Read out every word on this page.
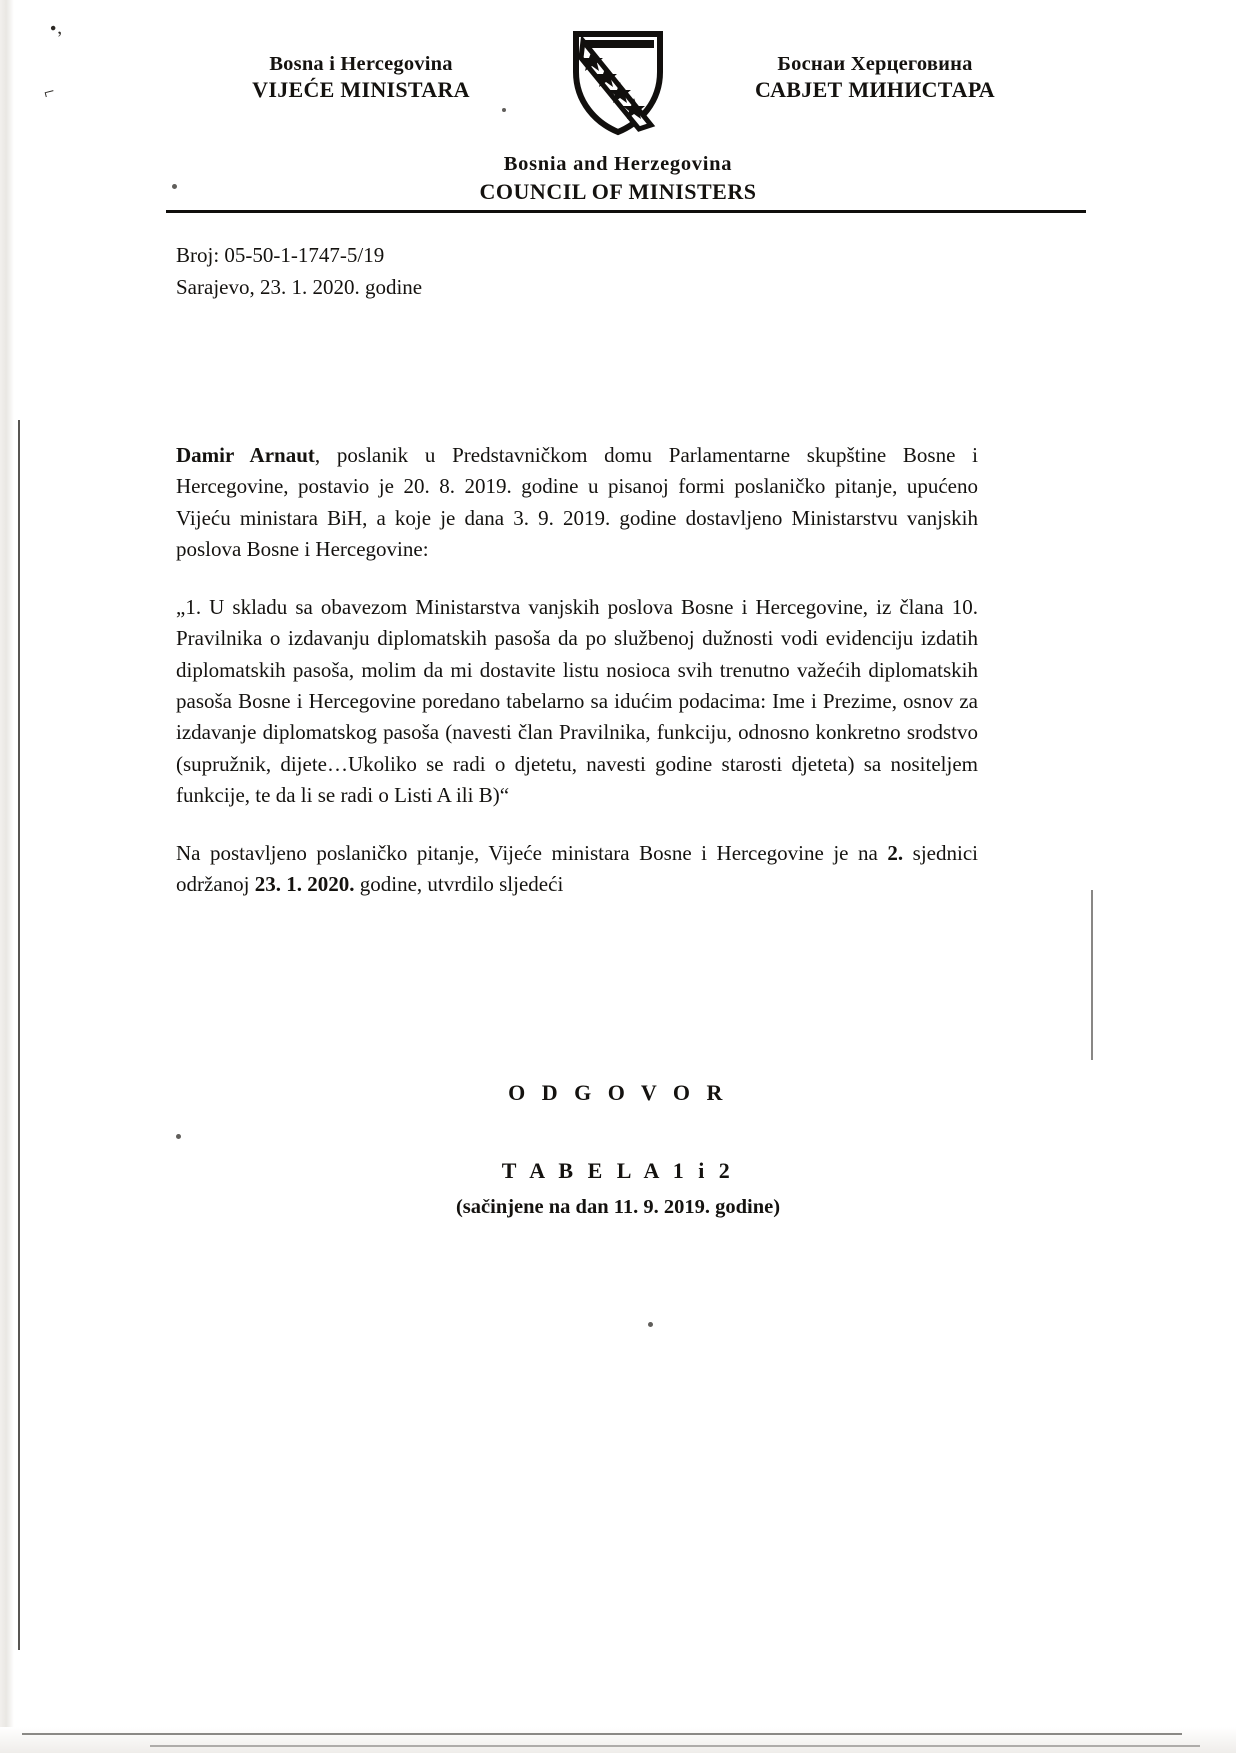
•,
⌐
Bosna i Hercegovina
VIJEĆE MINISTARA
Боснаи Херцеговина
САВЈЕТ МИНИСТАРА
Bosnia and Herzegovina
COUNCIL OF MINISTERS
Broj: 05-50-1-1747-5/19
Sarajevo, 23. 1. 2020. godine

Damir Arnaut, poslanik u Predstavničkom domu Parlamentarne skupštine Bosne i Hercegovine, postavio je 20. 8. 2019. godine u pisanoj formi poslaničko pitanje, upućeno Vijeću ministara BiH, a koje je dana 3. 9. 2019. godine dostavljeno Ministarstvu vanjskih poslova Bosne i Hercegovine:

„1. U skladu sa obavezom Ministarstva vanjskih poslova Bosne i Hercegovine, iz člana 10. Pravilnika o izdavanju diplomatskih pasoša da po službenoj dužnosti vodi evidenciju izdatih diplomatskih pasoša, molim da mi dostavite listu nosioca svih trenutno važećih diplomatskih pasoša Bosne i Hercegovine poredano tabelarno sa idućim podacima: Ime i Prezime, osnov za izdavanje diplomatskog pasoša (navesti član Pravilnika, funkciju, odnosno konkretno srodstvo (supružnik, dijete…Ukoliko se radi o djetetu, navesti godine starosti djeteta) sa nositeljem funkcije, te da li se radi o Listi A ili B)“

Na postavljeno poslaničko pitanje, Vijeće ministara Bosne i Hercegovine je na 2. sjednici održanoj 23. 1. 2020. godine, utvrdilo sljedeći

O D G O V O R
T A B E L A 1 i 2
(sačinjene na dan 11. 9. 2019. godine)
